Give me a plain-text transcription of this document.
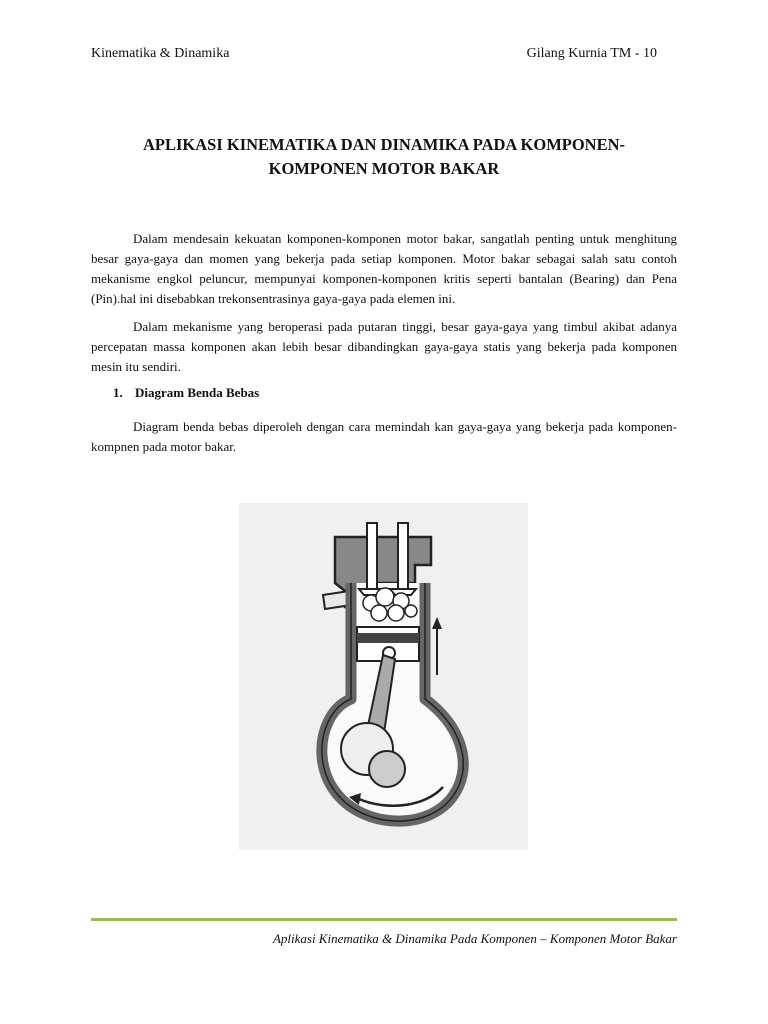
Kinematika & Dinamika	Gilang Kurnia TM - 10
APLIKASI KINEMATIKA DAN DINAMIKA PADA KOMPONEN-
KOMPONEN MOTOR BAKAR

Dalam mendesain kekuatan komponen-komponen motor bakar, sangatlah penting untuk menghitung besar gaya-gaya dan momen yang bekerja pada setiap komponen. Motor bakar sebagai salah satu contoh mekanisme engkol peluncur, mempunyai komponen-komponen kritis seperti bantalan (Bearing) dan Pena (Pin).hal ini disebabkan trekonsentrasinya gaya-gaya pada elemen ini.

Dalam mekanisme yang beroperasi pada putaran tinggi, besar gaya-gaya yang timbul akibat adanya percepatan massa komponen akan lebih besar dibandingkan gaya-gaya statis yang bekerja pada komponen mesin itu sendiri.

1. Diagram Benda Bebas

Diagram benda bebas diperoleh dengan cara memindah kan gaya-gaya yang bekerja pada komponen-kompnen pada motor bakar.

Aplikasi Kinematika & Dinamika Pada Komponen – Komponen Motor Bakar
